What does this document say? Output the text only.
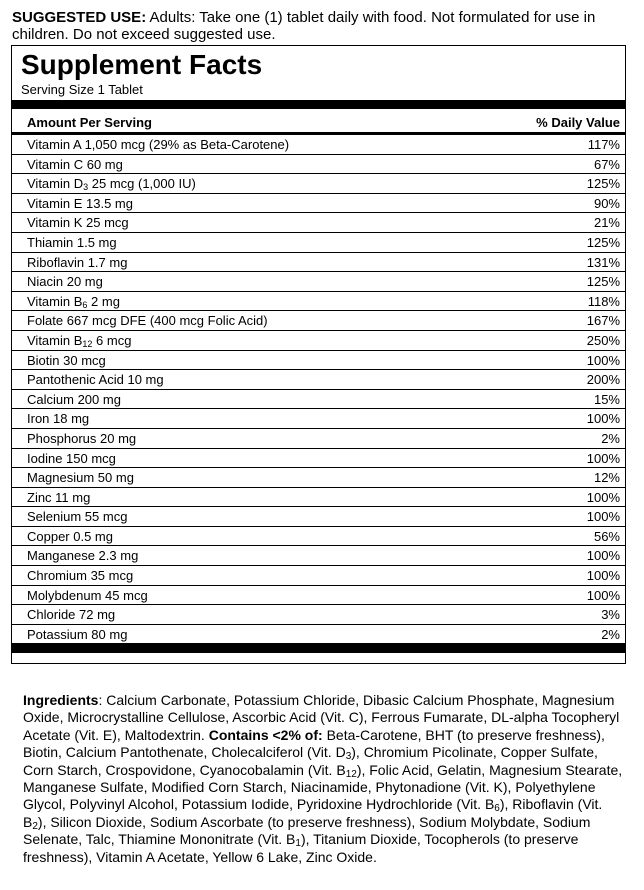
SUGGESTED USE: Adults: Take one (1) tablet daily with food. Not formulated for use in children. Do not exceed suggested use.
Supplement Facts
Serving Size 1 Tablet
Amount Per Serving	% Daily Value
Vitamin A 1,050 mcg (29% as Beta-Carotene)	117%
Vitamin C 60 mg	67%
Vitamin $D_3$ 25 mcg (1,000 IU)	125%
Vitamin E 13.5 mg	90%
Vitamin K 25 mcg	21%
Thiamin 1.5 mg	125%
Riboflavin 1.7 mg	131%
Niacin 20 mg	125%
Vitamin $B_6$ 2 mg	118%
Folate 667 mcg DFE (400 mcg Folic Acid)	167%
Vitamin $B_{12}$ 6 mcg	250%
Biotin 30 mcg	100%
Pantothenic Acid 10 mg	200%
Calcium 200 mg	15%
Iron 18 mg	100%
Phosphorus 20 mg	2%
Iodine 150 mcg	100%
Magnesium 50 mg	12%
Zinc 11 mg	100%
Selenium 55 mcg	100%
Copper 0.5 mg	56%
Manganese 2.3 mg	100%
Chromium 35 mcg	100%
Molybdenum 45 mcg	100%
Chloride 72 mg	3%
Potassium 80 mg	2%
Ingredients: Calcium Carbonate, Potassium Chloride, Dibasic Calcium Phosphate, Magnesium Oxide, Microcrystalline Cellulose, Ascorbic Acid (Vit. C), Ferrous Fumarate, DL-alpha Tocopheryl Acetate (Vit. E), Maltodextrin. Contains <2% of: Beta-Carotene, BHT (to preserve freshness), Biotin, Calcium Pantothenate, Cholecalciferol (Vit. $D_3$), Chromium Picolinate, Copper Sulfate, Corn Starch, Crospovidone, Cyanocobalamin (Vit. $B_{12}$), Folic Acid, Gelatin, Magnesium Stearate, Manganese Sulfate, Modified Corn Starch, Niacinamide, Phytonadione (Vit. K), Polyethylene Glycol, Polyvinyl Alcohol, Potassium Iodide, Pyridoxine Hydrochloride (Vit. $B_6$), Riboflavin (Vit. $B_2$), Silicon Dioxide, Sodium Ascorbate (to preserve freshness), Sodium Molybdate, Sodium Selenate, Talc, Thiamine Mononitrate (Vit. $B_1$), Titanium Dioxide, Tocopherols (to preserve freshness), Vitamin A Acetate, Yellow 6 Lake, Zinc Oxide.
